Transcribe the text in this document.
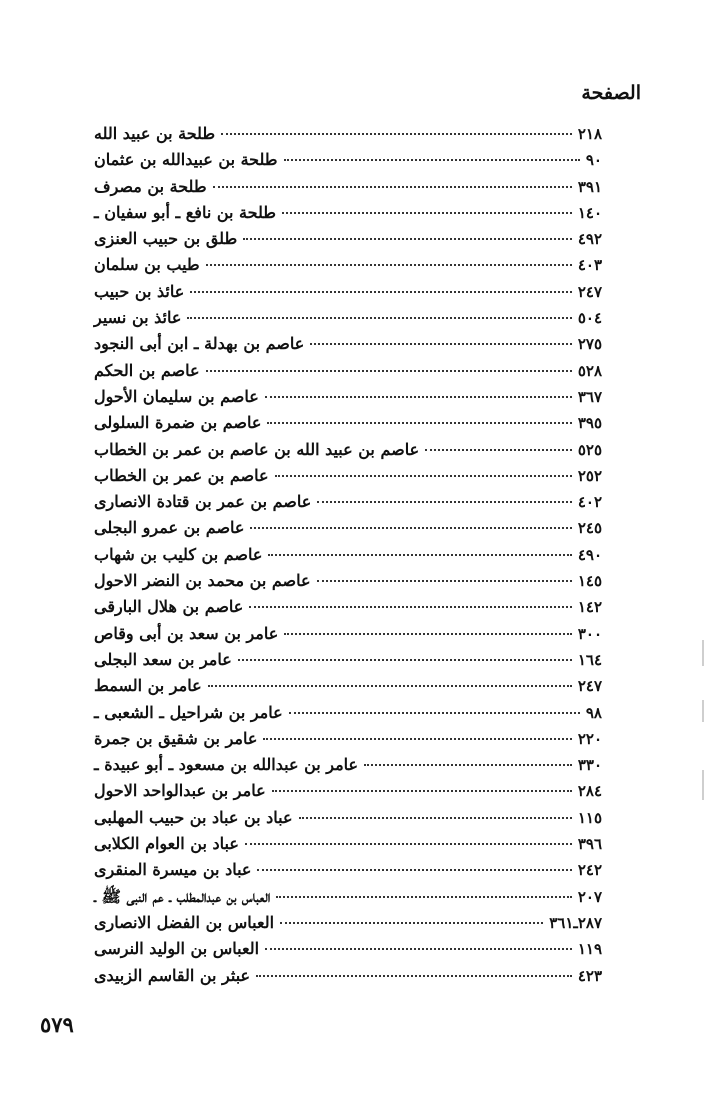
الصفحة
طلحة بن عبيد الله	٢١٨
طلحة بن عبيدالله بن عثمان	٩٠
طلحة بن مصرف	٣٩١
طلحة بن نافع ـ أبو سفيان ـ	١٤٠
طلق بن حبيب العنزى	٤٩٢
طيب بن سلمان	٤٠٣
عائذ بن حبيب	٢٤٧
عائذ بن نسير	٥٠٤
عاصم بن بهدلة ـ ابن أبى النجود	٢٧٥
عاصم بن الحكم	٥٢٨
عاصم بن سليمان الأحول	٣٦٧
عاصم بن ضمرة السلولى	٣٩٥
عاصم بن عبيد الله بن عاصم بن عمر بن الخطاب	٥٢٥
عاصم بن عمر بن الخطاب	٢٥٢
عاصم بن عمر بن قتادة الانصارى	٤٠٢
عاصم بن عمرو البجلى	٢٤٥
عاصم بن كليب بن شهاب	٤٩٠
عاصم بن محمد بن النضر الاحول	١٤٥
عاصم بن هلال البارقى	١٤٢
عامر بن سعد بن أبى وقاص	٣٠٠
عامر بن سعد البجلى	١٦٤
عامر بن السمط	٢٤٧
عامر بن شراحيل ـ الشعبى ـ	٩٨
عامر بن شقيق بن جمرة	٢٢٠
عامر بن عبدالله بن مسعود ـ أبو عبيدة ـ	٣٣٠
عامر بن عبدالواحد الاحول	٢٨٤
عباد بن عباد بن حبيب المهلبى	١١٥
عباد بن العوام الكلابى	٣٩٦
عباد بن ميسرة المنقرى	٢٤٢
العباس بن عبدالمطلب ـ عم النبى ﷺ ـ	٢٠٧
العباس بن الفضل الانصارى	٢٨٧ـ٣٦١
العباس بن الوليد النرسى	١١٩
عبثر بن القاسم الزبيدى	٤٢٣
٥٧٩
